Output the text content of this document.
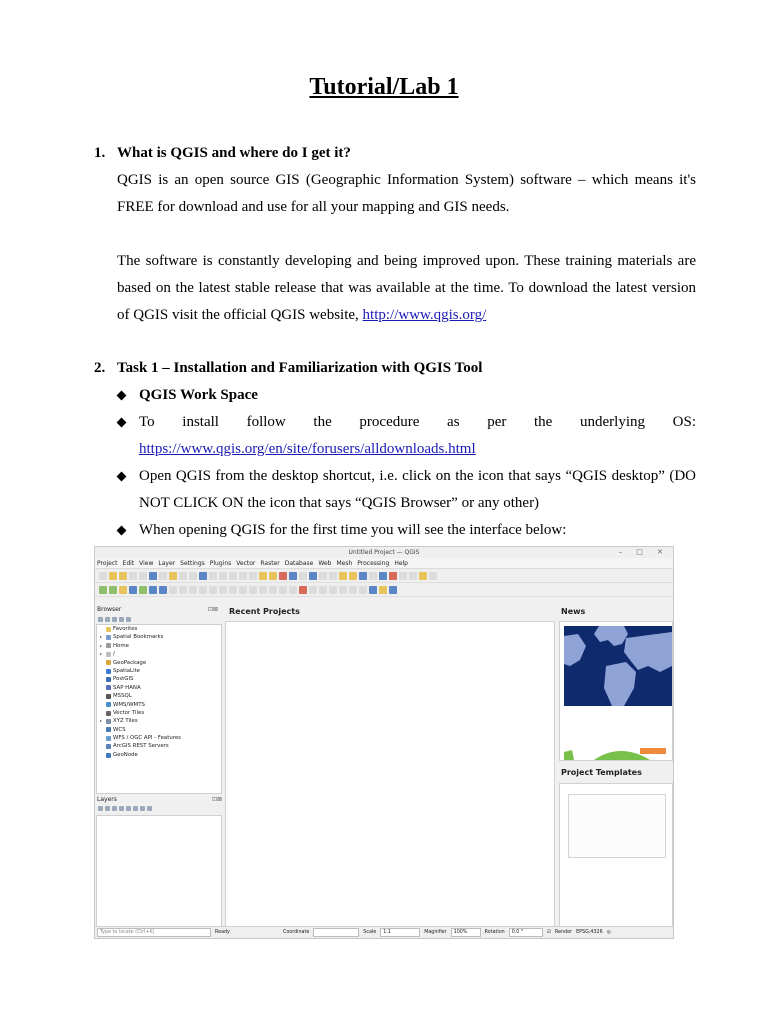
Tutorial/Lab 1
1. What is QGIS and where do I get it?

QGIS is an open source GIS (Geographic Information System) software – which means it's FREE for download and use for all your mapping and GIS needs.

The software is constantly developing and being improved upon. These training materials are based on the latest stable release that was available at the time. To download the latest version of QGIS visit the official QGIS website, http://www.qgis.org/

2. Task 1 – Installation and Familiarization with QGIS Tool

QGIS Work Space
To install follow the procedure as per the underlying OS:
https://www.qgis.org/en/site/forusers/alldownloads.html
Open QGIS from the desktop shortcut, i.e. click on the icon that says “QGIS desktop” (DO NOT CLICK ON the icon that says “QGIS Browser” or any other)
When opening QGIS for the first time you will see the interface below:
Untitled Project — QGIS	– □ ✕
Project Edit View Layer Settings Plugins Vector Raster Database Web Mesh Processing Help
Browser	⊡⊠
Favorites
▸	Spatial Bookmarks
▸	Home
▸	/
GeoPackage
SpatiaLite
PostGIS
SAP HANA
MSSQL
WMS/WMTS
Vector Tiles
▸	XYZ Tiles
WCS
WFS / OGC API - Features
ArcGIS REST Servers
GeoNode
Layers	⊡⊠
Recent Projects	News
Project Templates
Type to locate (Ctrl+K)	Ready	Coordinate	Scale	1:1	Magnifier	100%	Rotation	0.0 °	☑ Render EPSG:4326 ◎
